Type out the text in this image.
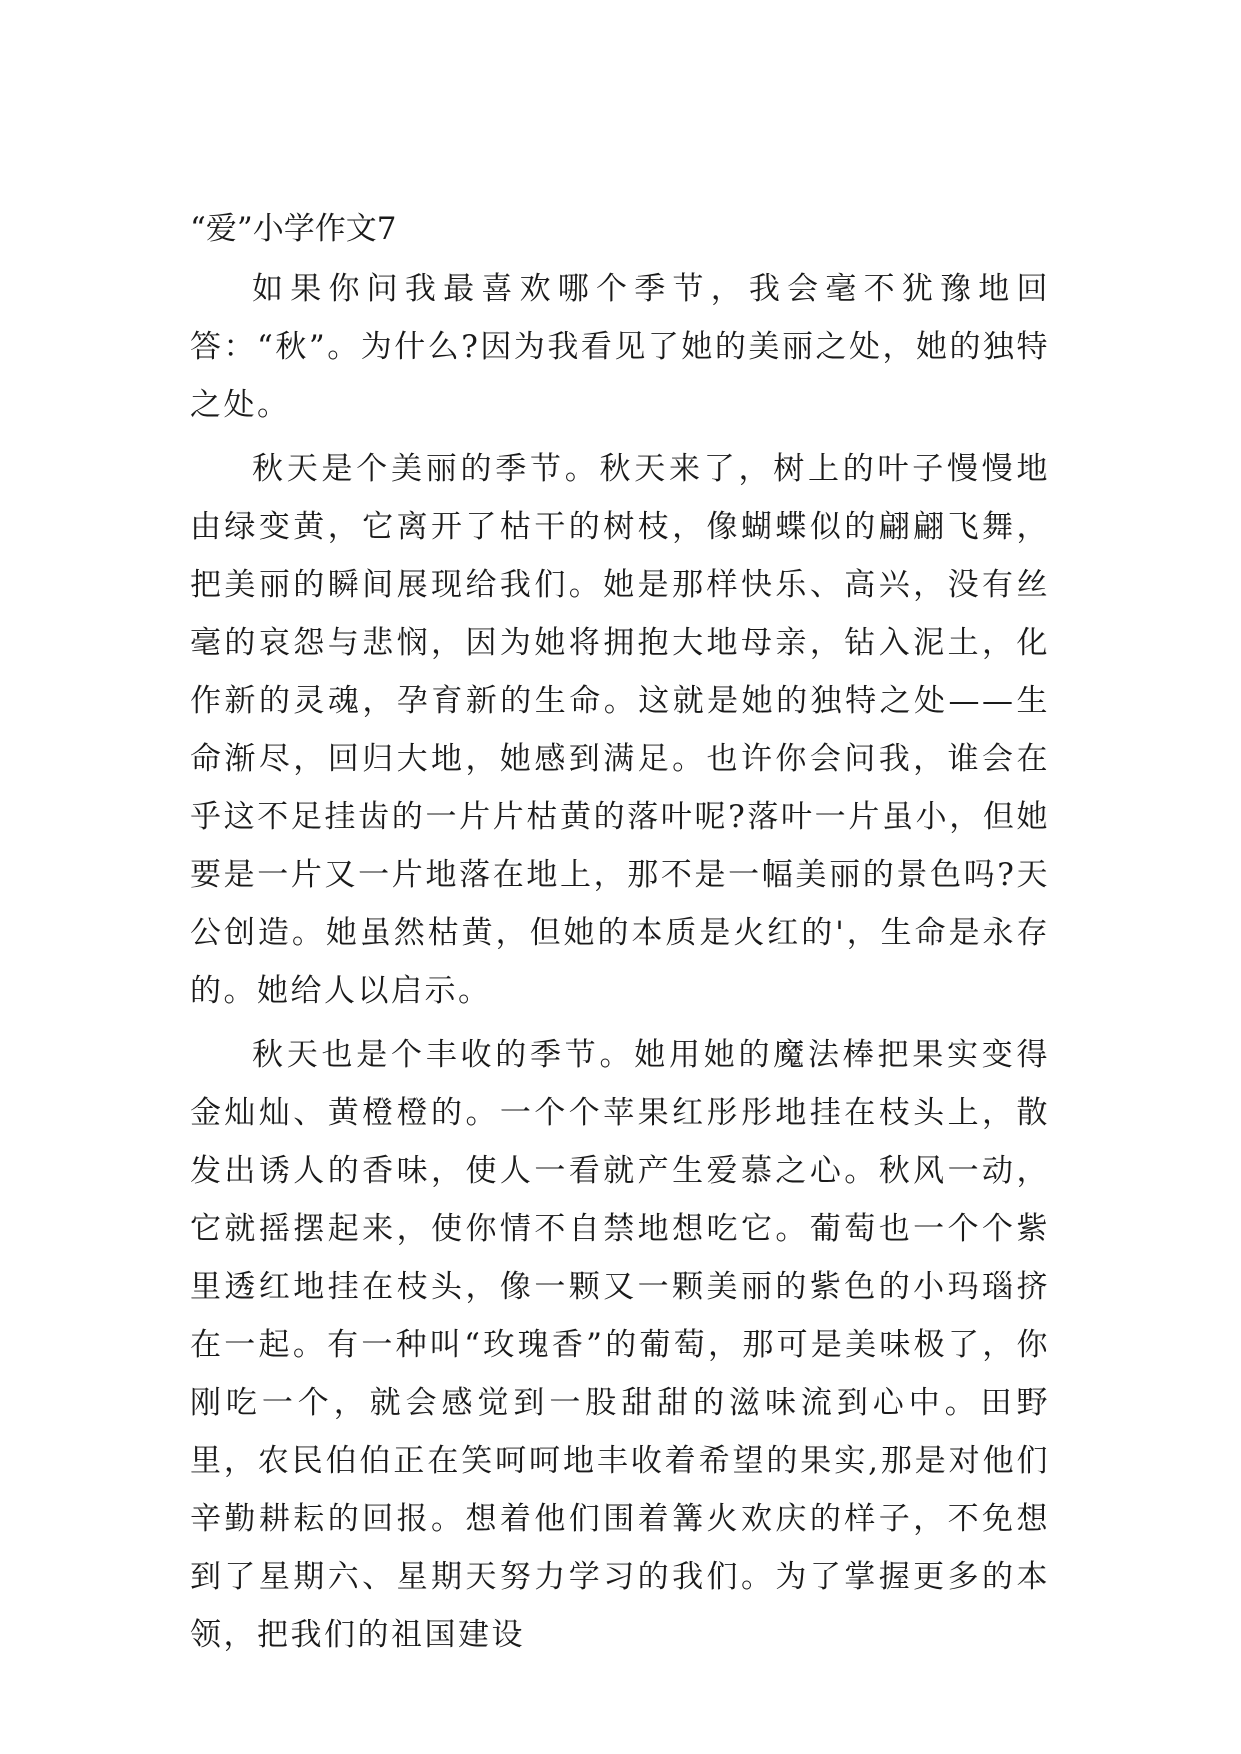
“爱”小学作文7

如果你问我最喜欢哪个季节，我会毫不犹豫地回答：“秋”。为什么?因为我看见了她的美丽之处，她的独特之处。

秋天是个美丽的季节。秋天来了，树上的叶子慢慢地由绿变黄，它离开了枯干的树枝，像蝴蝶似的翩翩飞舞，把美丽的瞬间展现给我们。她是那样快乐、高兴，没有丝毫的哀怨与悲悯，因为她将拥抱大地母亲，钻入泥土，化作新的灵魂，孕育新的生命。这就是她的独特之处——生命渐尽，回归大地，她感到满足。也许你会问我，谁会在乎这不足挂齿的一片片枯黄的落叶呢?落叶一片虽小，但她要是一片又一片地落在地上，那不是一幅美丽的景色吗?天公创造。她虽然枯黄，但她的本质是火红的'，生命是永存的。她给人以启示。

秋天也是个丰收的季节。她用她的魔法棒把果实变得金灿灿、黄橙橙的。一个个苹果红彤彤地挂在枝头上，散发出诱人的香味，使人一看就产生爱慕之心。秋风一动，它就摇摆起来，使你情不自禁地想吃它。葡萄也一个个紫里透红地挂在枝头，像一颗又一颗美丽的紫色的小玛瑙挤在一起。有一种叫“玫瑰香”的葡萄，那可是美味极了，你刚吃一个，就会感觉到一股甜甜的滋味流到心中。田野里，农民伯伯正在笑呵呵地丰收着希望的果实,那是对他们辛勤耕耘的回报。想着他们围着篝火欢庆的样子，不免想到了星期六、星期天努力学习的我们。为了掌握更多的本领，把我们的祖国建设
